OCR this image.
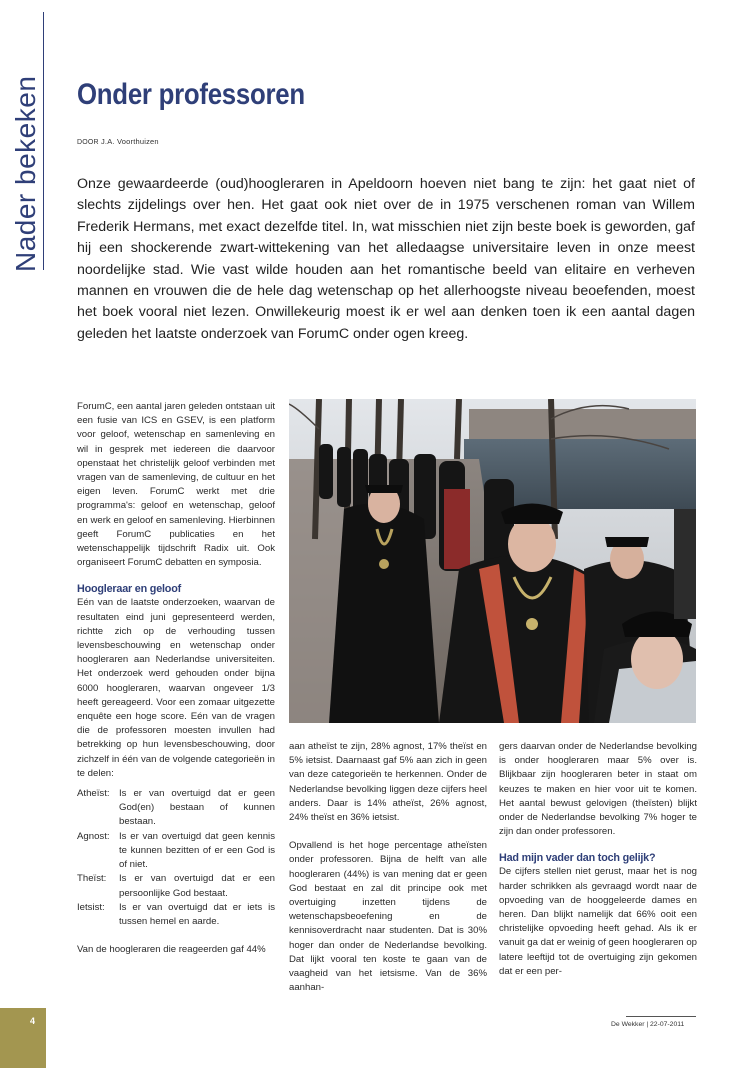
Nader bekeken Onder professoren
DOOR J.A. Voorthuizen

Onze gewaardeerde (oud)hoogleraren in Apeldoorn hoeven niet bang te zijn: het gaat niet of slechts zijdelings over hen. Het gaat ook niet over de in 1975 verschenen roman van Willem Frederik Hermans, met exact dezelfde titel. In, wat misschien niet zijn beste boek is geworden, gaf hij een shockerende zwart-wittekening van het alledaagse universitaire leven in onze meest noordelijke stad. Wie vast wilde houden aan het romantische beeld van elitaire en verheven mannen en vrouwen die de hele dag wetenschap op het allerhoogste niveau beoefenden, moest het boek vooral niet lezen. Onwillekeurig moest ik er wel aan denken toen ik een aantal dagen geleden het laatste onderzoek van ForumC onder ogen kreeg.

ForumC, een aantal jaren geleden ontstaan uit een fusie van ICS en GSEV, is een platform voor geloof, wetenschap en samenleving en wil in gesprek met iedereen die daarvoor openstaat het christelijk geloof verbinden met vragen van de samenleving, de cultuur en het eigen leven. ForumC werkt met drie programma's: geloof en wetenschap, geloof en werk en geloof en samenleving. Hierbinnen geeft ForumC publicaties en het wetenschappelijk tijdschrift Radix uit. Ook organiseert ForumC debatten en symposia.

Hoogleraar en geloof

Eén van de laatste onderzoeken, waarvan de resultaten eind juni gepresenteerd werden, richtte zich op de verhouding tussen levensbeschouwing en wetenschap onder hoogleraren aan Nederlandse universiteiten. Het onderzoek werd gehouden onder bijna 6000 hoogleraren, waarvan ongeveer 1/3 heeft gereageerd. Voor een zomaar uitgezette enquête een hoge score. Eén van de vragen die de professoren moesten invullen had betrekking op hun levensbeschouwing, door zichzelf in één van de volgende categorieën in te delen:

Atheïst: Is er van overtuigd dat er geen God(en) bestaan of kunnen bestaan.
Agnost: Is er van overtuigd dat geen kennis te kunnen bezitten of er een God is of niet.
Theïst:	Is er van overtuigd dat er een persoonlijke God bestaat.
Ietsist:	Is er van overtuigd dat er iets is tussen hemel en aarde.

Van de hoogleraren die reageerden gaf 44%

aan atheïst te zijn, 28% agnost, 17% theïst en 5% ietsist. Daarnaast gaf 5% aan zich in geen van deze categorieën te herkennen. Onder de Nederlandse bevolking liggen deze cijfers heel anders. Daar is 14% atheïst, 26% agnost, 24% theïst en 36% ietsist.

Opvallend is het hoge percentage atheïsten onder professoren. Bijna de helft van alle hoogleraren (44%) is van mening dat er geen God bestaat en zal dit principe ook met overtuiging inzetten tijdens de wetenschapsbeoefening en de kennisoverdracht naar studenten. Dat is 30% hoger dan onder de Nederlandse bevolking. Dat lijkt vooral ten koste te gaan van de vaagheid van het ietsisme. Van de 36% aanhan-

gers daarvan onder de Nederlandse bevolking is onder hoogleraren maar 5% over is. Blijkbaar zijn hoogleraren beter in staat om keuzes te maken en hier voor uit te komen. Het aantal bewust gelovigen (theïsten) blijkt onder de Nederlandse bevolking 7% hoger te zijn dan onder professoren.

Had mijn vader dan toch gelijk?

De cijfers stellen niet gerust, maar het is nog harder schrikken als gevraagd wordt naar de opvoeding van de hooggeleerde dames en heren. Dan blijkt namelijk dat 66% ooit een christelijke opvoeding heeft gehad. Als ik er vanuit ga dat er weinig of geen hoogleraren op latere leeftijd tot de overtuiging zijn gekomen dat er een per-

4	De Wekker | 22-07-2011
